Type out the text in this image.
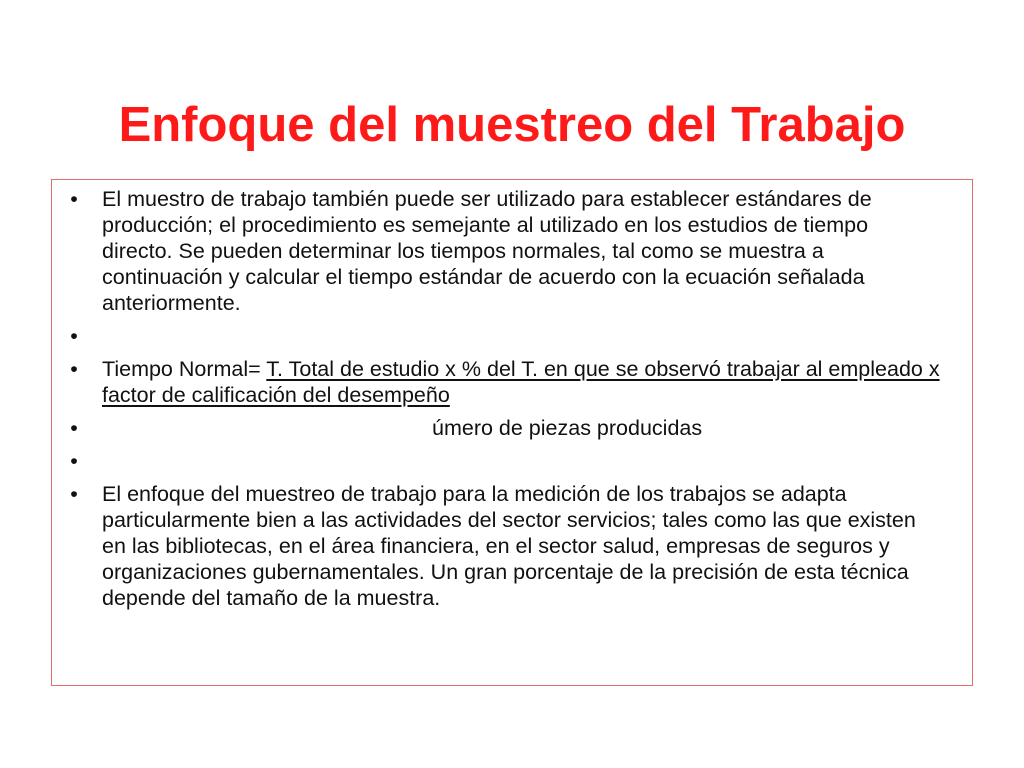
Enfoque del muestreo del Trabajo
• El muestro de trabajo también puede ser utilizado para establecer estándares de producción; el procedimiento es semejante al utilizado en los estudios de tiempo directo. Se pueden determinar los tiempos normales, tal como se muestra a continuación y calcular el tiempo estándar de acuerdo con la ecuación señalada anteriormente.
•
• Tiempo Normal= T. Total de estudio x % del T. en que se observó trabajar al empleado x factor de calificación del desempeño
•	úmero de piezas producidas
•
• El enfoque del muestreo de trabajo para la medición de los trabajos se adapta particularmente bien a las actividades del sector servicios; tales como las que existen en las bibliotecas, en el área financiera, en el sector salud, empresas de seguros y organizaciones gubernamentales. Un gran porcentaje de la precisión de esta técnica depende del tamaño de la muestra.
